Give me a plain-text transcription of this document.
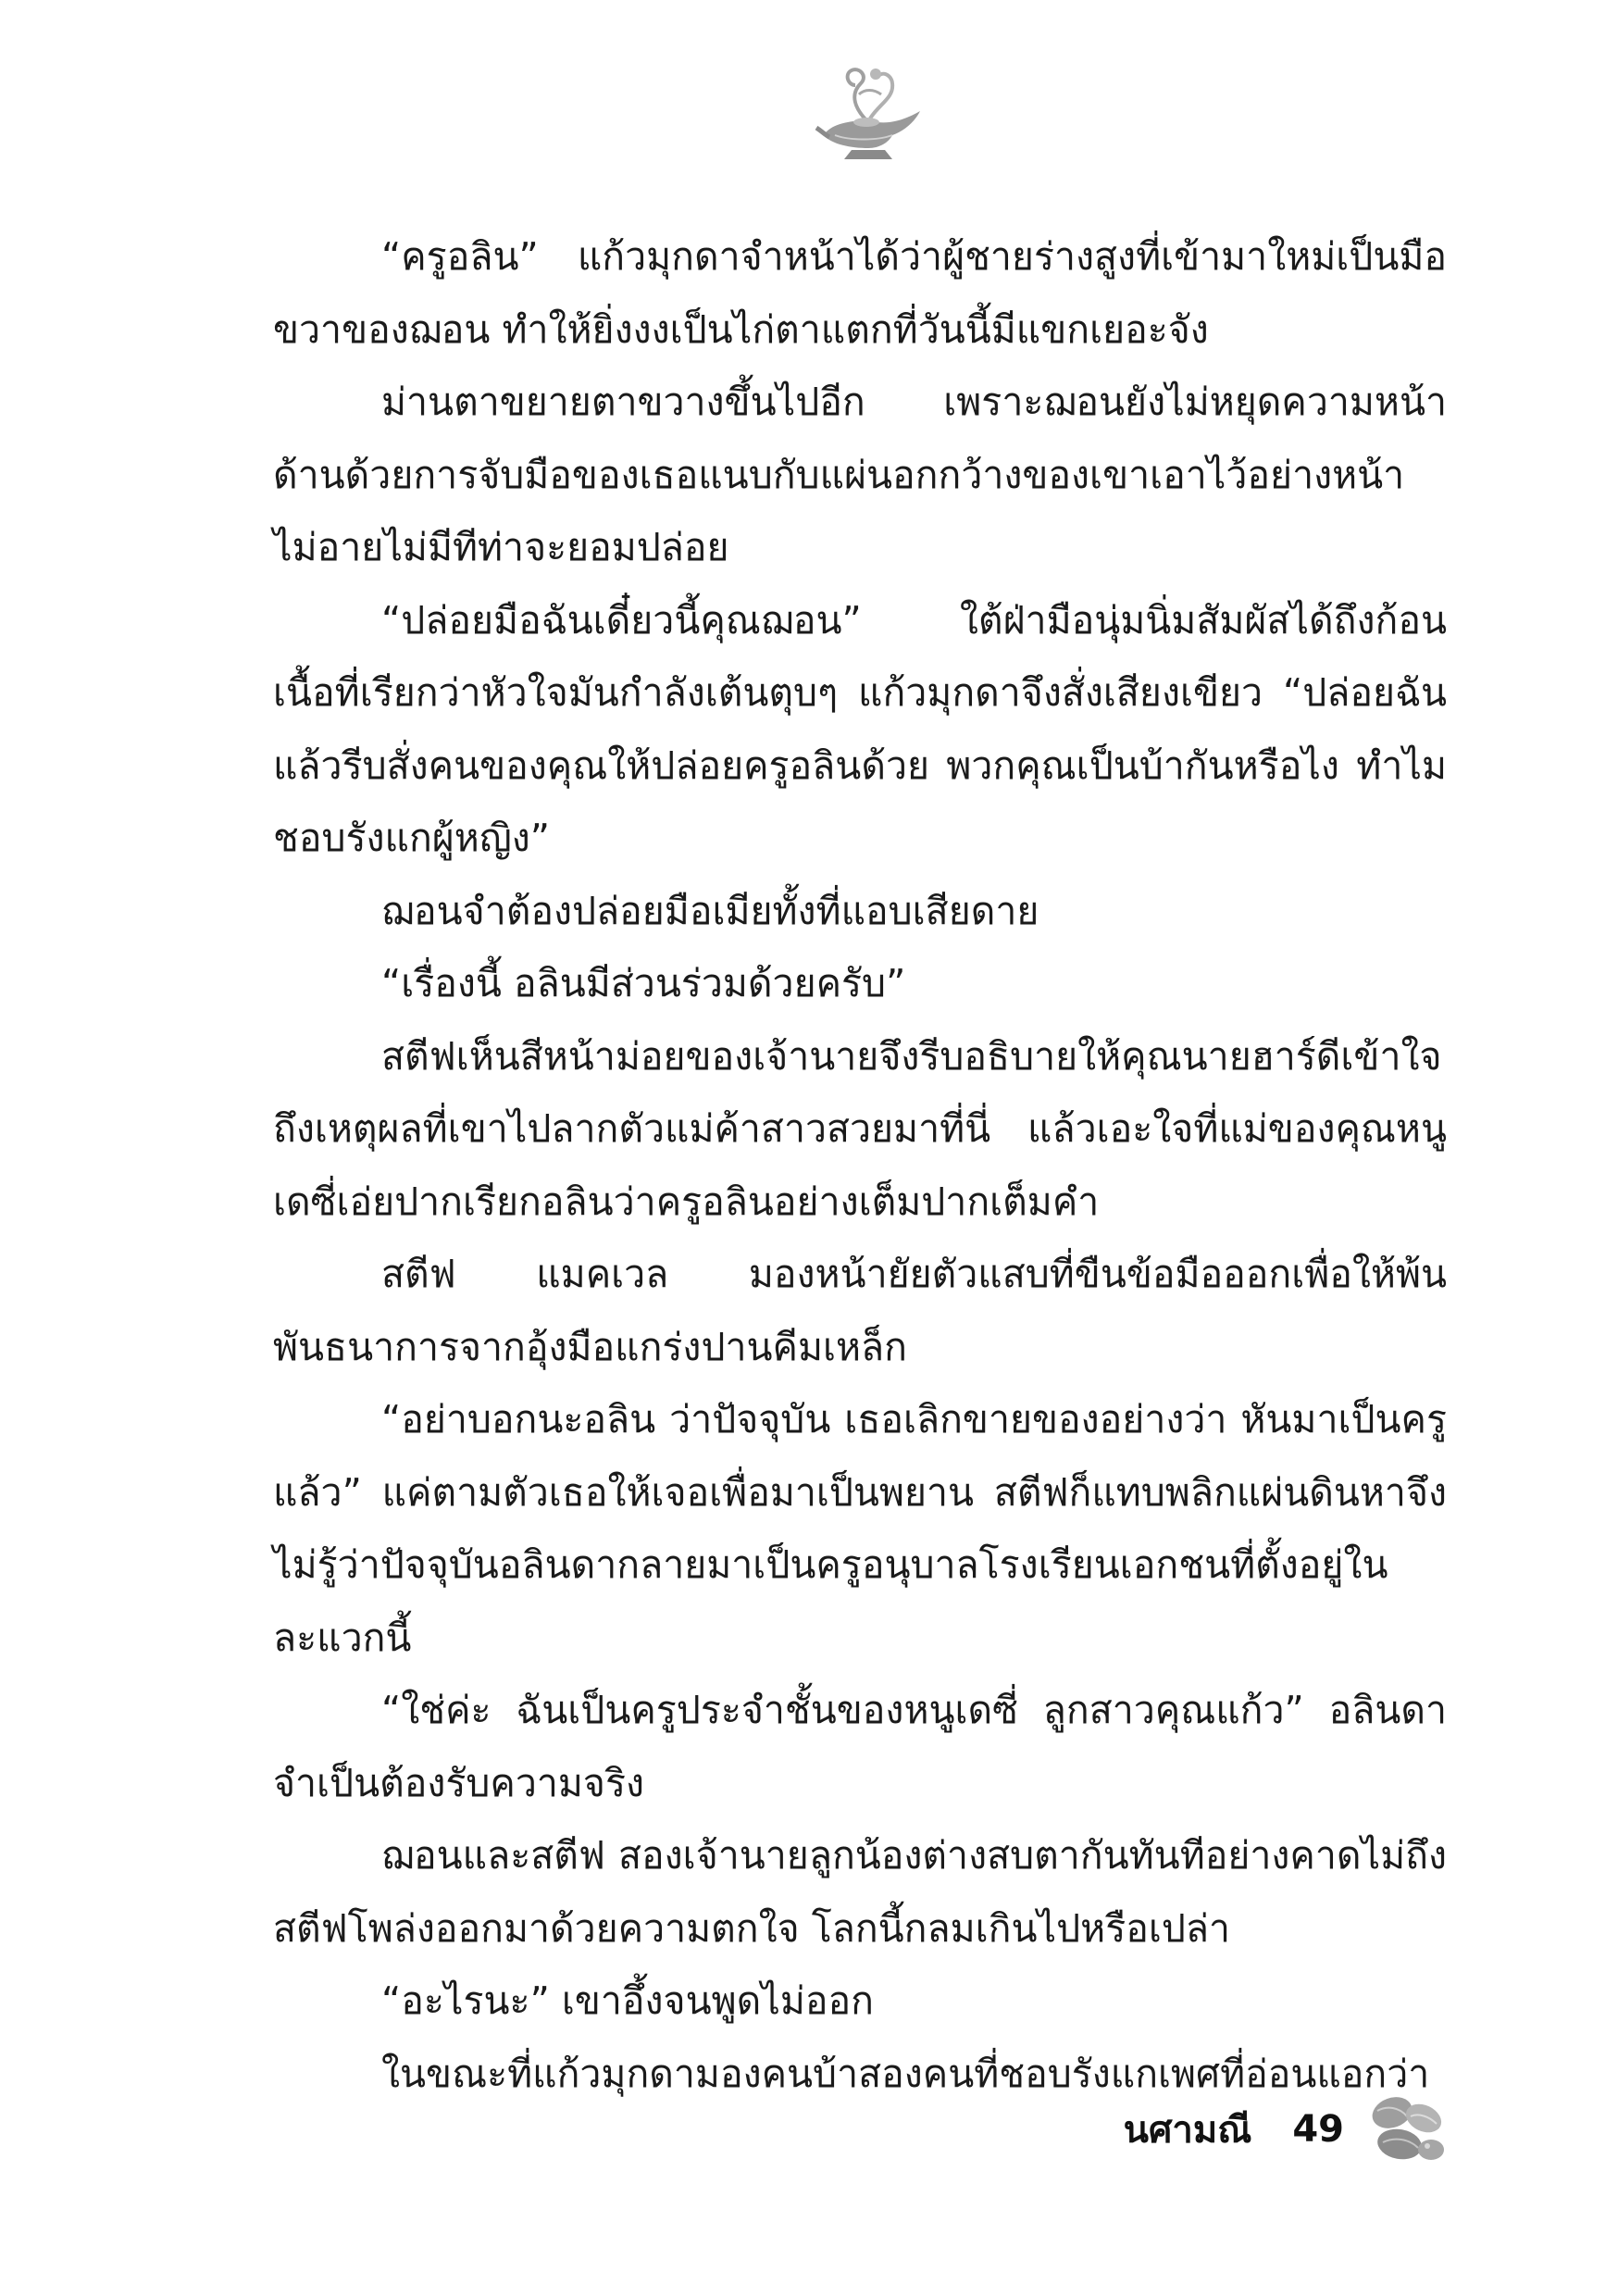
“ครูอลิน” แก้วมุกดาจำหน้าได้ว่าผู้ชายร่างสูงที่เข้ามาใหม่เป็นมือขวาของฌอน ทำให้ยิ่งงงเป็นไก่ตาแตกที่วันนี้มีแขกเยอะจัง

ม่านตาขยายตาขวางขึ้นไปอีก เพราะฌอนยังไม่หยุดความหน้าด้านด้วยการจับมือของเธอแนบกับแผ่นอกกว้างของเขาเอาไว้อย่างหน้าไม่อายไม่มีทีท่าจะยอมปล่อย

“ปล่อยมือฉันเดี๋ยวนี้คุณฌอน” ใต้ฝ่ามือนุ่มนิ่มสัมผัสได้ถึงก้อนเนื้อที่เรียกว่าหัวใจมันกำลังเต้นตุบๆ แก้วมุกดาจึงสั่งเสียงเขียว “ปล่อยฉันแล้วรีบสั่งคนของคุณให้ปล่อยครูอลินด้วย พวกคุณเป็นบ้ากันหรือไง ทำไมชอบรังแกผู้หญิง”

ฌอนจำต้องปล่อยมือเมียทั้งที่แอบเสียดาย

“เรื่องนี้ อลินมีส่วนร่วมด้วยครับ”

สตีฟเห็นสีหน้าม่อยของเจ้านายจึงรีบอธิบายให้คุณนายฮาร์ดีเข้าใจถึงเหตุผลที่เขาไปลากตัวแม่ค้าสาวสวยมาที่นี่ แล้วเอะใจที่แม่ของคุณหนูเดซี่เอ่ยปากเรียกอลินว่าครูอลินอย่างเต็มปากเต็มคำ

สตีฟ แมคเวล มองหน้ายัยตัวแสบที่ขืนข้อมือออกเพื่อให้พ้นพันธนาการจากอุ้งมือแกร่งปานคีมเหล็ก

“อย่าบอกนะอลิน ว่าปัจจุบัน เธอเลิกขายของอย่างว่า หันมาเป็นครูแล้ว” แค่ตามตัวเธอให้เจอเพื่อมาเป็นพยาน สตีฟก็แทบพลิกแผ่นดินหาจึงไม่รู้ว่าปัจจุบันอลินดากลายมาเป็นครูอนุบาลโรงเรียนเอกชนที่ตั้งอยู่ในละแวกนี้

“ใช่ค่ะ ฉันเป็นครูประจำชั้นของหนูเดซี่ ลูกสาวคุณแก้ว” อลินดาจำเป็นต้องรับความจริง

ฌอนและสตีฟ สองเจ้านายลูกน้องต่างสบตากันทันทีอย่างคาดไม่ถึง สตีฟโพล่งออกมาด้วยความตกใจ โลกนี้กลมเกินไปหรือเปล่า

“อะไรนะ” เขาอึ้งจนพูดไม่ออก

ในขณะที่แก้วมุกดามองคนบ้าสองคนที่ชอบรังแกเพศที่อ่อนแอกว่า

นศามณี 49
